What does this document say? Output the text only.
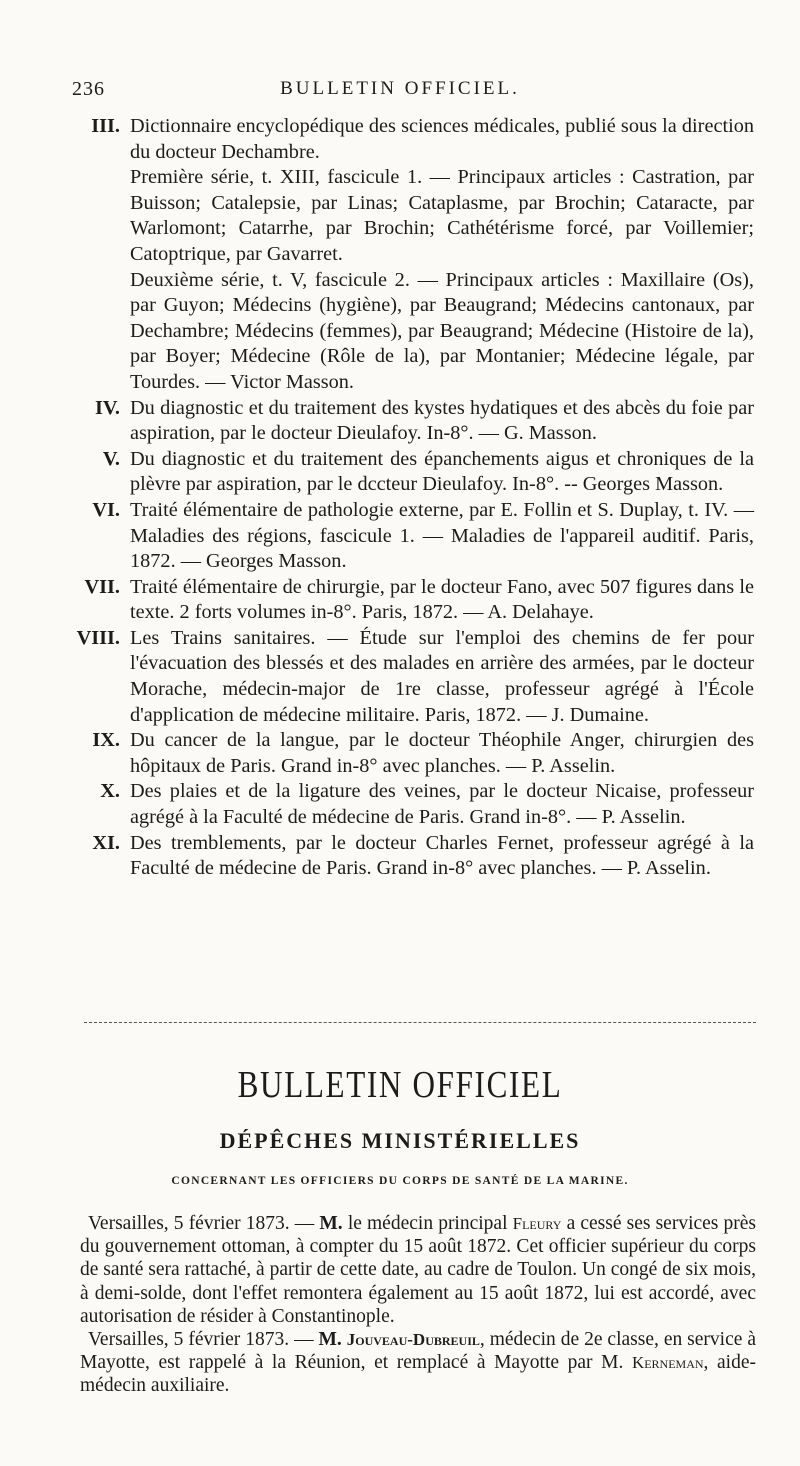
236	BULLETIN OFFICIEL.
III. Dictionnaire encyclopédique des sciences médicales, publié sous la direction du docteur Dechambre.

Première série, t. XIII, fascicule 1. — Principaux articles : Castration, par Buisson; Catalepsie, par Linas; Cataplasme, par Brochin; Cataracte, par Warlomont; Catarrhe, par Brochin; Cathétérisme forcé, par Voillemier; Catoptrique, par Gavarret.

Deuxième série, t. V, fascicule 2. — Principaux articles : Maxillaire (Os), par Guyon; Médecins (hygiène), par Beaugrand; Médecins cantonaux, par Dechambre; Médecins (femmes), par Beaugrand; Médecine (Histoire de la), par Boyer; Médecine (Rôle de la), par Montanier; Médecine légale, par Tourdes. — Victor Masson.

IV. Du diagnostic et du traitement des kystes hydatiques et des abcès du foie par aspiration, par le docteur Dieulafoy. In-8°. — G. Masson.

V. Du diagnostic et du traitement des épanchements aigus et chroniques de la plèvre par aspiration, par le dccteur Dieulafoy. In-8°. -- Georges Masson.

VI. Traité élémentaire de pathologie externe, par E. Follin et S. Duplay, t. IV. — Maladies des régions, fascicule 1. — Maladies de l'appareil auditif. Paris, 1872. — Georges Masson.

VII. Traité élémentaire de chirurgie, par le docteur Fano, avec 507 figures dans le texte. 2 forts volumes in-8°. Paris, 1872. — A. Delahaye.

VIII. Les Trains sanitaires. — Étude sur l'emploi des chemins de fer pour l'évacuation des blessés et des malades en arrière des armées, par le docteur Morache, médecin-major de 1re classe, professeur agrégé à l'École d'application de médecine militaire. Paris, 1872. — J. Dumaine.

IX. Du cancer de la langue, par le docteur Théophile Anger, chirurgien des hôpitaux de Paris. Grand in-8° avec planches. — P. Asselin.

X. Des plaies et de la ligature des veines, par le docteur Nicaise, professeur agrégé à la Faculté de médecine de Paris. Grand in-8°. — P. Asselin.

XI. Des tremblements, par le docteur Charles Fernet, professeur agrégé à la Faculté de médecine de Paris. Grand in-8° avec planches. — P. Asselin.

BULLETIN OFFICIEL
DÉPÊCHES MINISTÉRIELLES
CONCERNANT LES OFFICIERS DU CORPS DE SANTÉ DE LA MARINE.

Versailles, 5 février 1873. — M. le médecin principal Fleury a cessé ses services près du gouvernement ottoman, à compter du 15 août 1872. Cet officier supérieur du corps de santé sera rattaché, à partir de cette date, au cadre de Toulon. Un congé de six mois, à demi-solde, dont l'effet remontera également au 15 août 1872, lui est accordé, avec autorisation de résider à Constantinople.

Versailles, 5 février 1873. — M. Jouveau-Dubreuil, médecin de 2e classe, en service à Mayotte, est rappelé à la Réunion, et remplacé à Mayotte par M. Kerneman, aide-médecin auxiliaire.
